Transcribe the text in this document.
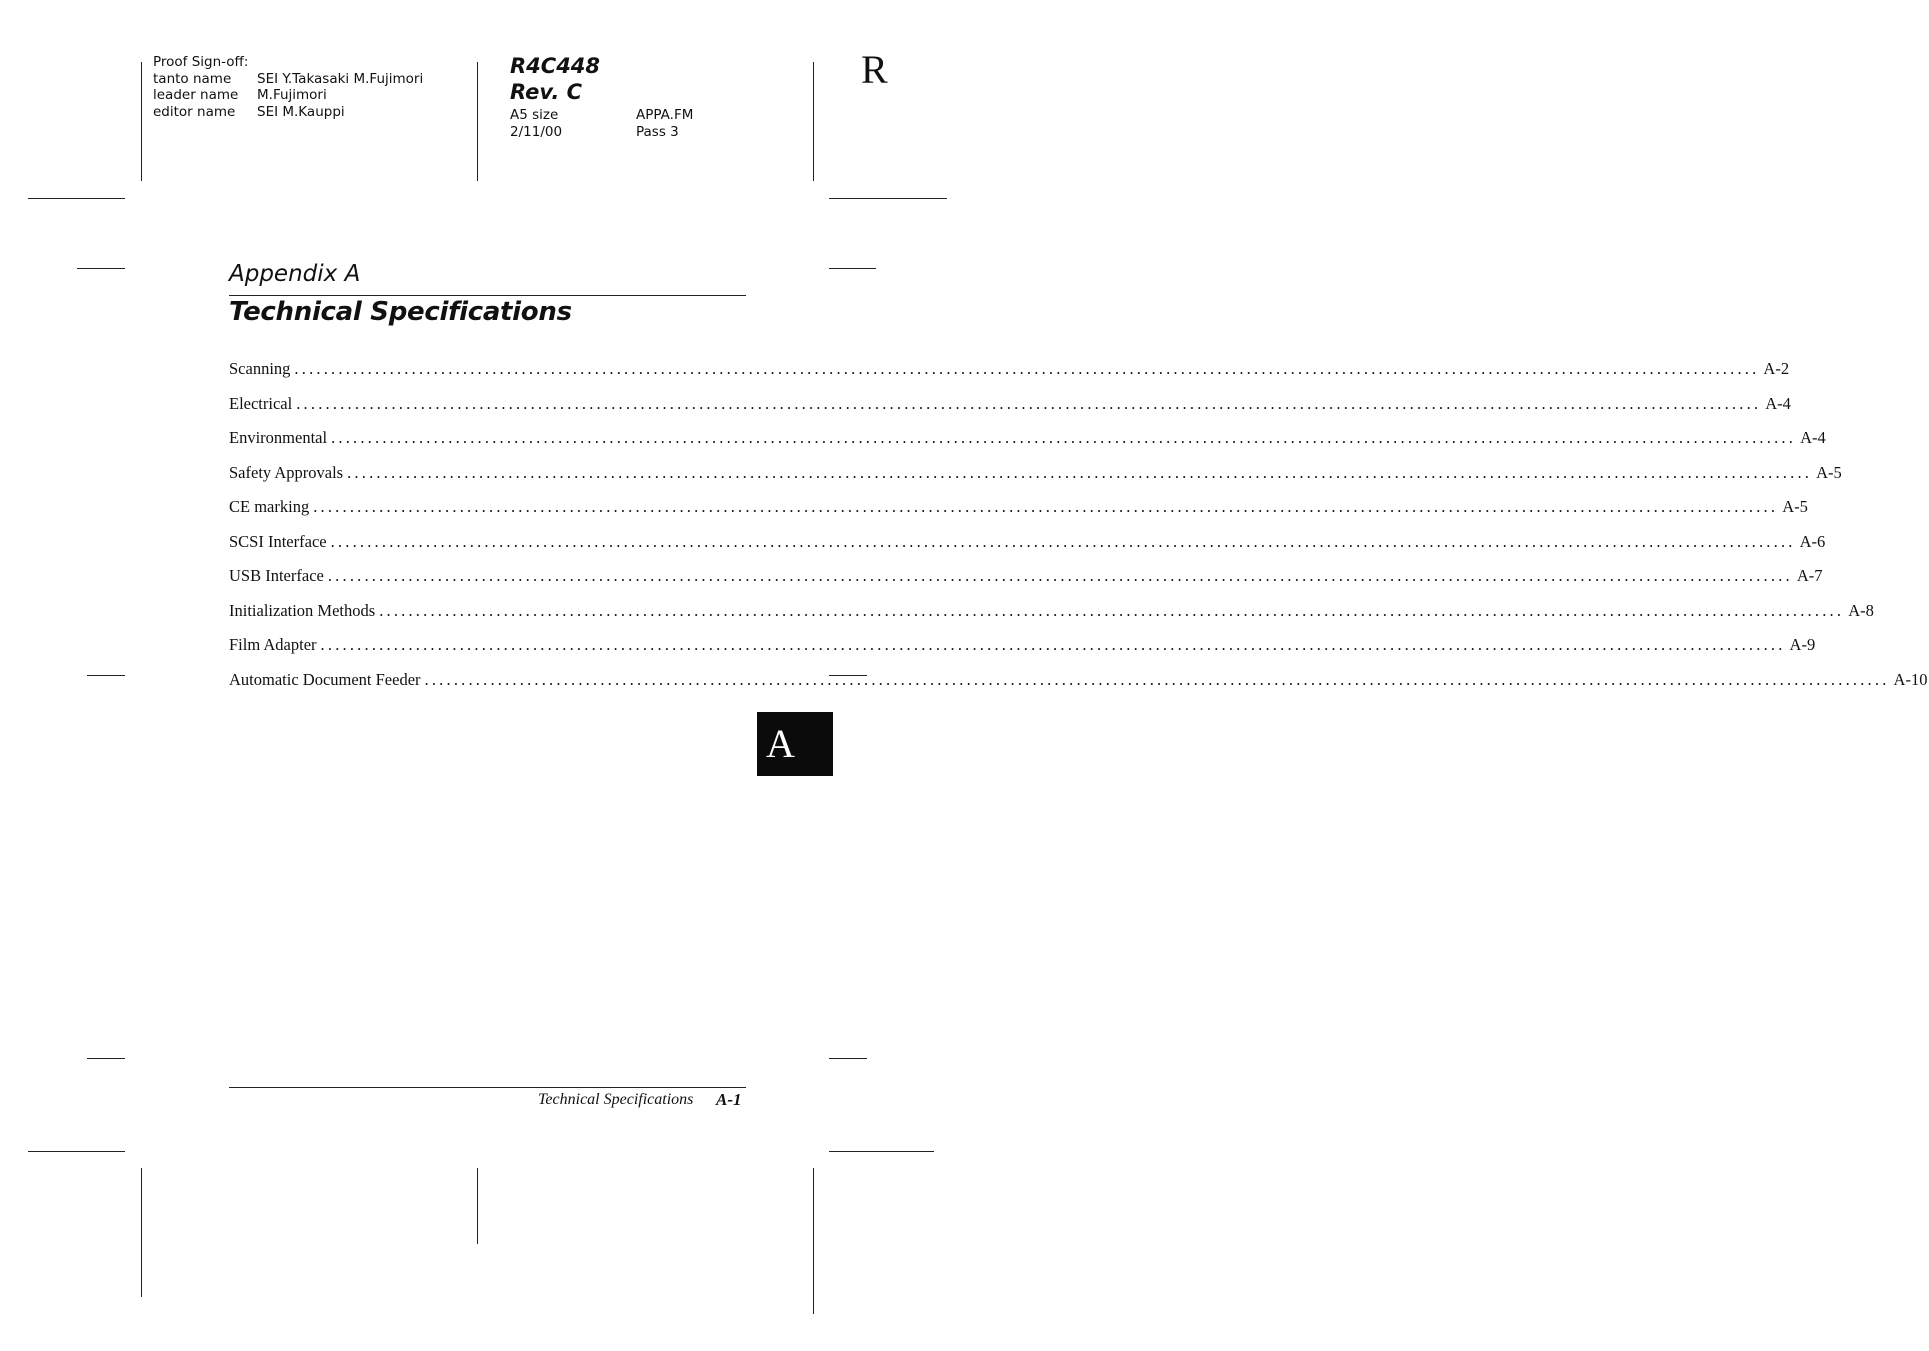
Proof Sign-off:
tanto name	SEI Y.Takasaki M.Fujimori
leader name	M.Fujimori
editor name	SEI M.Kauppi
R4C448
Rev. C
A5 size	APPA.FM
2/11/00	Pass 3
R
Appendix A
Technical Specifications
Scanning ........................................................................................................................................................................................................ A-2
Electrical ........................................................................................................................................................................................................ A-4
Environmental ........................................................................................................................................................................................................ A-4
Safety Approvals ........................................................................................................................................................................................................ A-5
CE marking ........................................................................................................................................................................................................ A-5
SCSI Interface ........................................................................................................................................................................................................ A-6
USB Interface ........................................................................................................................................................................................................ A-7
Initialization Methods ........................................................................................................................................................................................................ A-8
Film Adapter ........................................................................................................................................................................................................ A-9
Automatic Document Feeder ........................................................................................................................................................................................................ A-10
A
Technical Specifications A-1
